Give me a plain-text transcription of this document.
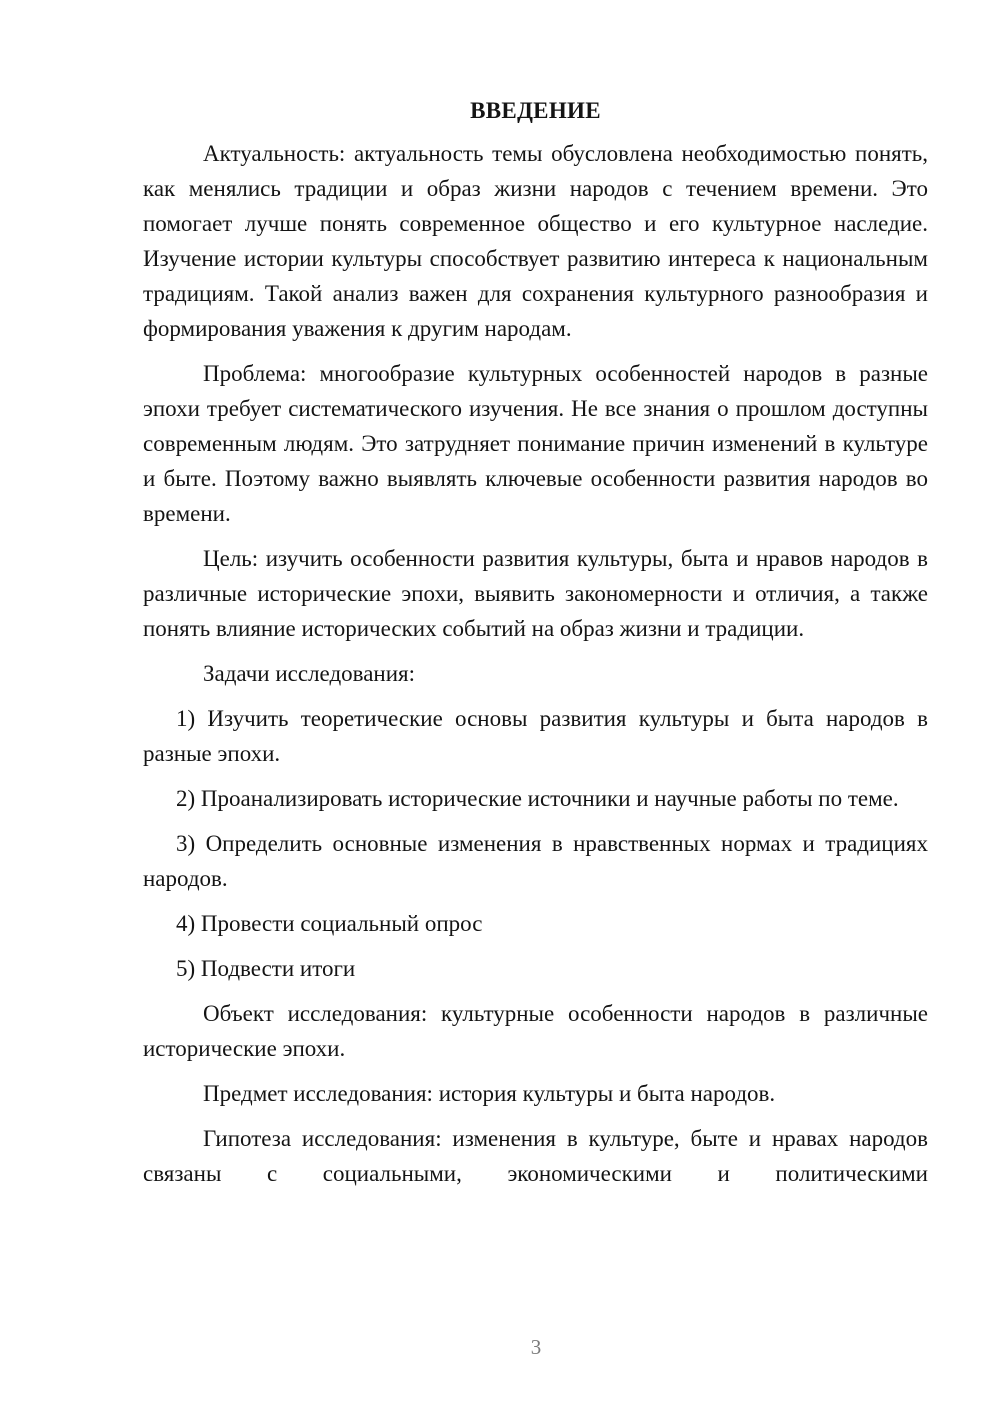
ВВЕДЕНИЕ

Актуальность: актуальность темы обусловлена необходимостью понять, как менялись традиции и образ жизни народов с течением времени. Это помогает лучше понять современное общество и его культурное наследие. Изучение истории культуры способствует развитию интереса к национальным традициям. Такой анализ важен для сохранения культурного разнообразия и формирования уважения к другим народам.

Проблема: многообразие культурных особенностей народов в разные эпохи требует систематического изучения. Не все знания о прошлом доступны современным людям. Это затрудняет понимание причин изменений в культуре и быте. Поэтому важно выявлять ключевые особенности развития народов во времени.

Цель: изучить особенности развития культуры, быта и нравов народов в различные исторические эпохи, выявить закономерности и отличия, а также понять влияние исторических событий на образ жизни и традиции.

Задачи исследования:

1) Изучить теоретические основы развития культуры и быта народов в разные эпохи.

2) Проанализировать исторические источники и научные работы по теме.

3) Определить основные изменения в нравственных нормах и традициях народов.

4) Провести социальный опрос

5) Подвести итоги

Объект исследования: культурные особенности народов в различные исторические эпохи.

Предмет исследования: история культуры и быта народов.

Гипотеза исследования: изменения в культуре, быте и нравах народов связаны с социальными, экономическими и политическими

3
